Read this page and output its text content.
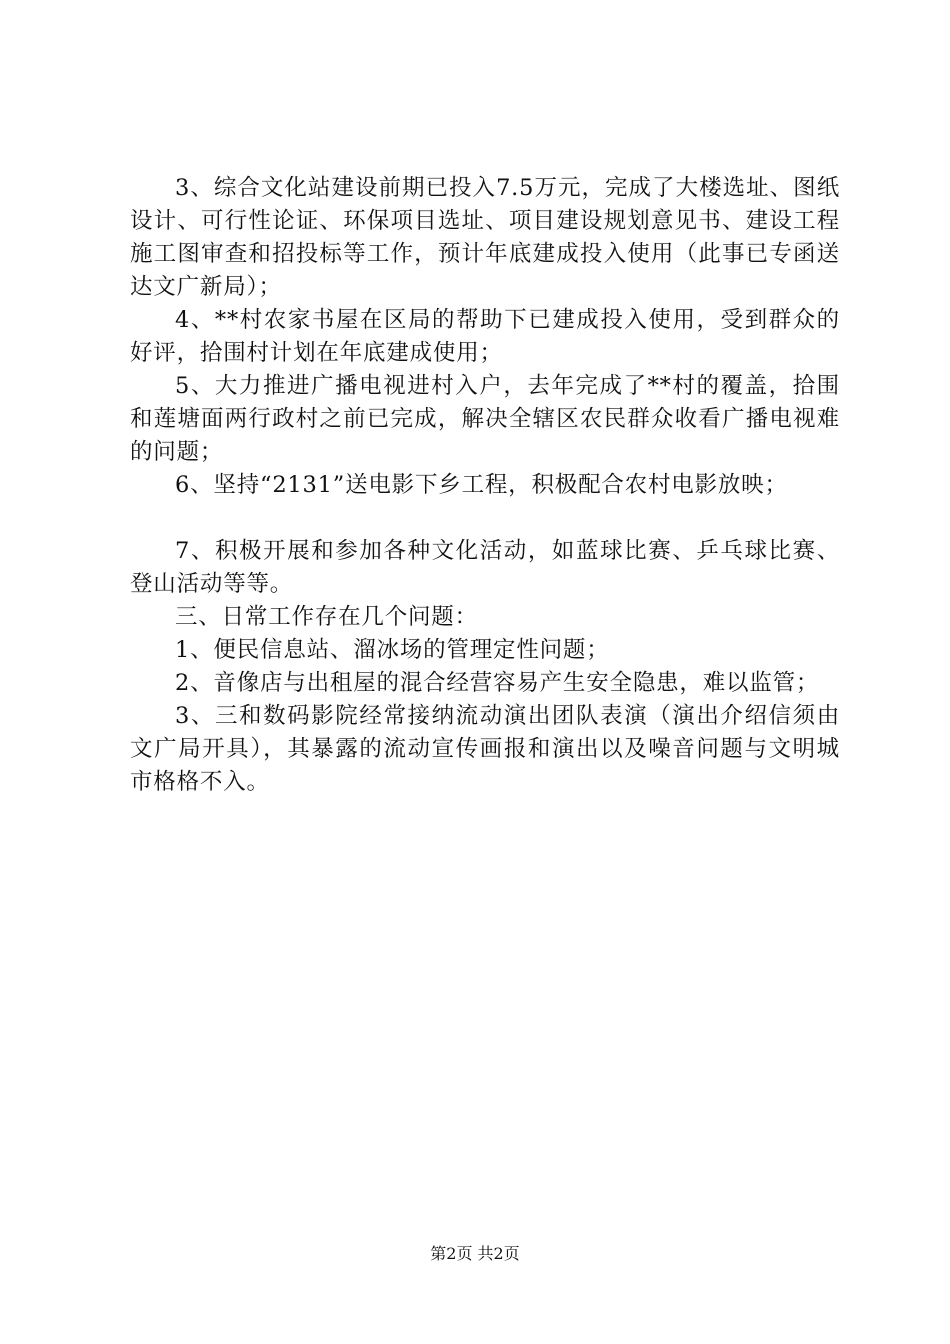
3、综合文化站建设前期已投入7.5万元，完成了大楼选址、图纸设计、可行性论证、环保项目选址、项目建设规划意见书、建设工程施工图审查和招投标等工作，预计年底建成投入使用（此事已专函送达文广新局）；

4、**村农家书屋在区局的帮助下已建成投入使用，受到群众的好评，拾围村计划在年底建成使用；

5、大力推进广播电视进村入户，去年完成了**村的覆盖，拾围和莲塘面两行政村之前已完成，解决全辖区农民群众收看广播电视难的问题；

6、坚持“2131”送电影下乡工程，积极配合农村电影放映；

7、积极开展和参加各种文化活动，如蓝球比赛、乒乓球比赛、登山活动等等。

三、日常工作存在几个问题：

1、便民信息站、溜冰场的管理定性问题；

2、音像店与出租屋的混合经营容易产生安全隐患，难以监管；

3、三和数码影院经常接纳流动演出团队表演（演出介绍信须由文广局开具），其暴露的流动宣传画报和演出以及噪音问题与文明城市格格不入。

第2页 共2页
